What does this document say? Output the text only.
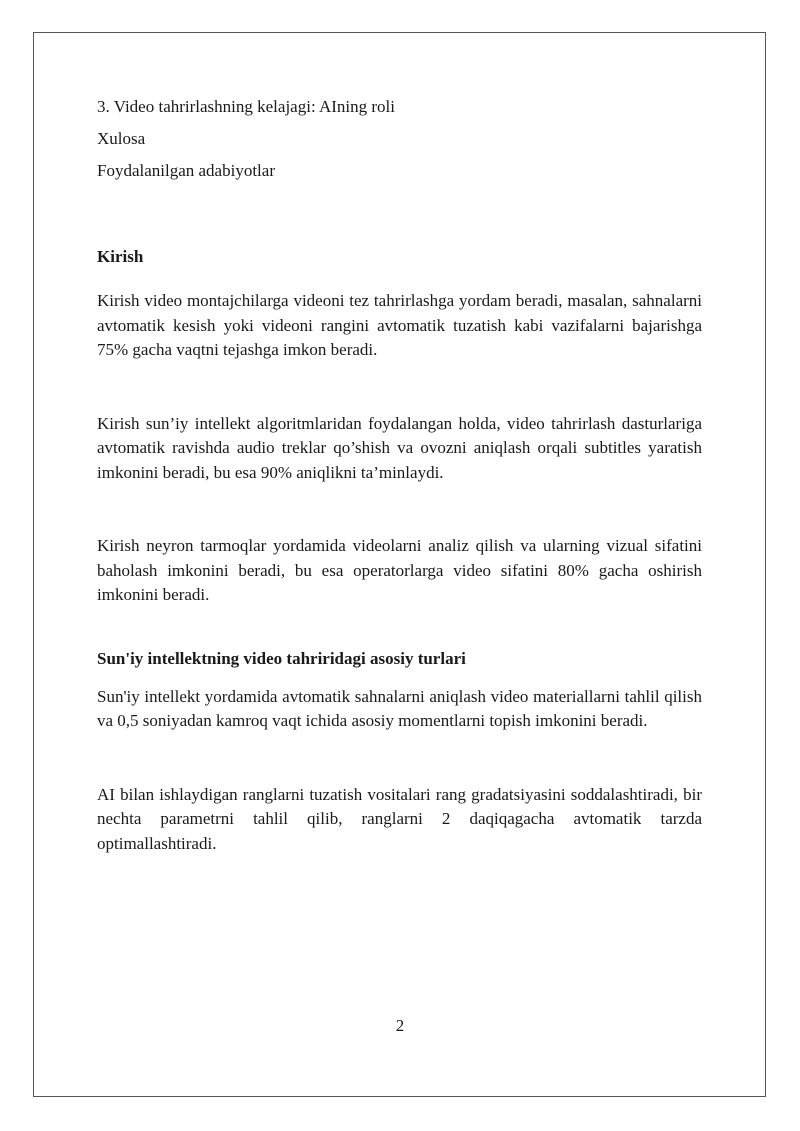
3. Video tahrirlashning kelajagi: AIning roli

Xulosa

Foydalanilgan adabiyotlar

Kirish

Kirish video montajchilarga videoni tez tahrirlashga yordam beradi, masalan, sahnalarni avtomatik kesish yoki videoni rangini avtomatik tuzatish kabi vazifalarni bajarishga 75% gacha vaqtni tejashga imkon beradi.

Kirish sun’iy intellekt algoritmlaridan foydalangan holda, video tahrirlash dasturlariga avtomatik ravishda audio treklar qo’shish va ovozni aniqlash orqali subtitles yaratish imkonini beradi, bu esa 90% aniqlikni ta’minlaydi.

Kirish neyron tarmoqlar yordamida videolarni analiz qilish va ularning vizual sifatini baholash imkonini beradi, bu esa operatorlarga video sifatini 80% gacha oshirish imkonini beradi.

Sun'iy intellektning video tahriridagi asosiy turlari

Sun'iy intellekt yordamida avtomatik sahnalarni aniqlash video materiallarni tahlil qilish va 0,5 soniyadan kamroq vaqt ichida asosiy momentlarni topish imkonini beradi.

AI bilan ishlaydigan ranglarni tuzatish vositalari rang gradatsiyasini soddalashtiradi, bir nechta parametrni tahlil qilib, ranglarni 2 daqiqagacha avtomatik tarzda optimallashtiradi.

2
